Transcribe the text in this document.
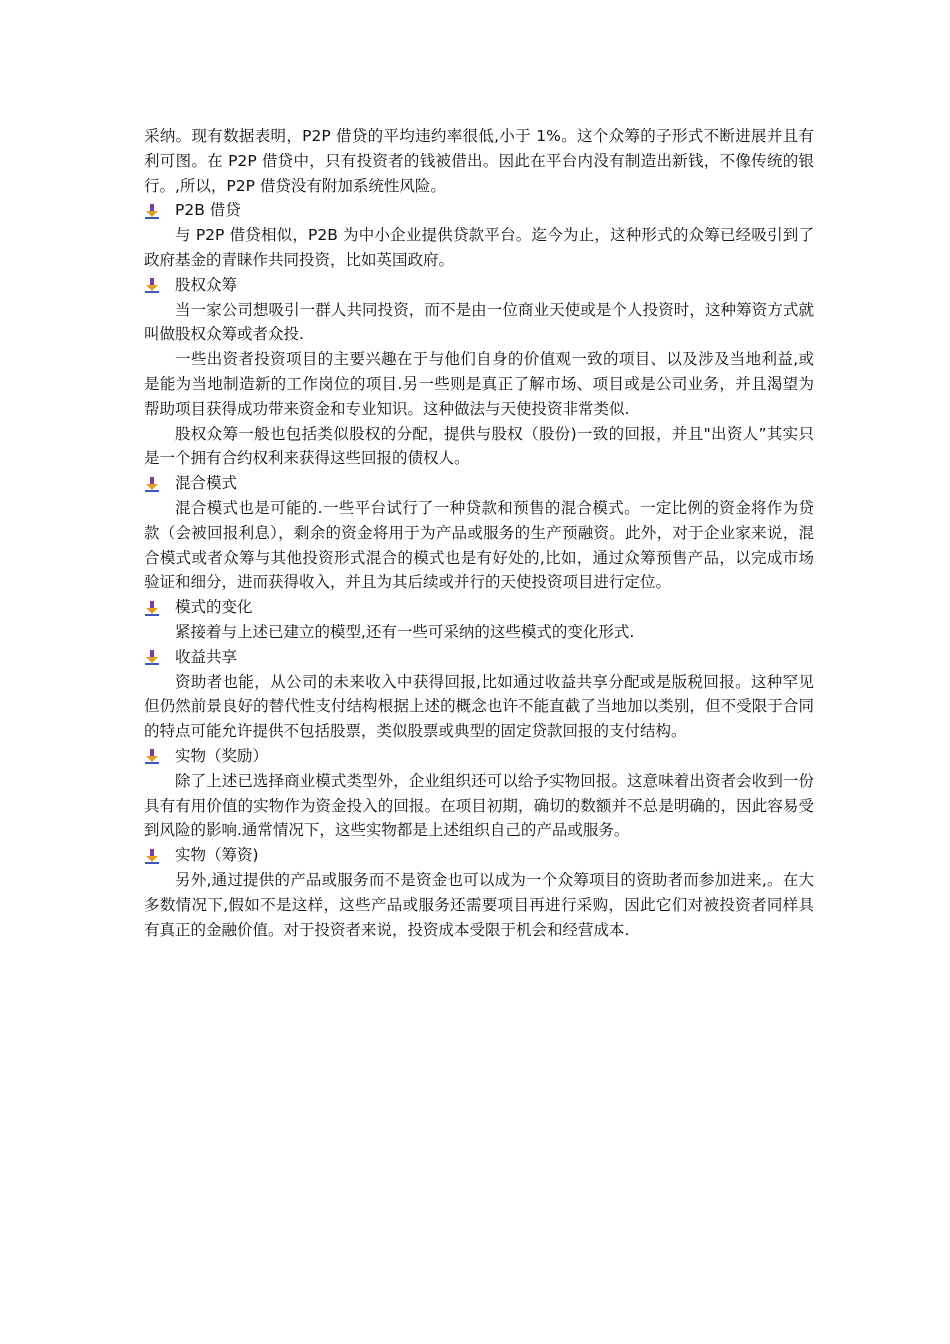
采纳。现有数据表明，P2P 借贷的平均违约率很低,小于 1%。这个众筹的子形式不断进展并且有利可图。在 P2P 借贷中，只有投资者的钱被借出。因此在平台内没有制造出新钱，不像传统的银行。,所以，P2P 借贷没有附加系统性风险。

P2B 借贷

与 P2P 借贷相似，P2B 为中小企业提供贷款平台。迄今为止，这种形式的众筹已经吸引到了政府基金的青睐作共同投资，比如英国政府。

股权众筹

当一家公司想吸引一群人共同投资，而不是由一位商业天使或是个人投资时，这种筹资方式就叫做股权众筹或者众投.

一些出资者投资项目的主要兴趣在于与他们自身的价值观一致的项目、以及涉及当地利益,或是能为当地制造新的工作岗位的项目.另一些则是真正了解市场、项目或是公司业务，并且渴望为帮助项目获得成功带来资金和专业知识。这种做法与天使投资非常类似.

股权众筹一般也包括类似股权的分配，提供与股权（股份)一致的回报，并且"出资人”其实只是一个拥有合约权利来获得这些回报的债权人。

混合模式

混合模式也是可能的.一些平台试行了一种贷款和预售的混合模式。一定比例的资金将作为贷款（会被回报利息），剩余的资金将用于为产品或服务的生产预融资。此外，对于企业家来说，混合模式或者众筹与其他投资形式混合的模式也是有好处的,比如，通过众筹预售产品，以完成市场验证和细分，进而获得收入，并且为其后续或并行的天使投资项目进行定位。

模式的变化

紧接着与上述已建立的模型,还有一些可采纳的这些模式的变化形式.

收益共享

资助者也能，从公司的未来收入中获得回报,比如通过收益共享分配或是版税回报。这种罕见但仍然前景良好的替代性支付结构根据上述的概念也许不能直截了当地加以类别，但不受限于合同的特点可能允许提供不包括股票，类似股票或典型的固定贷款回报的支付结构。

实物（奖励）

除了上述已选择商业模式类型外，企业组织还可以给予实物回报。这意味着出资者会收到一份具有有用价值的实物作为资金投入的回报。在项目初期，确切的数额并不总是明确的，因此容易受到风险的影响.通常情况下，这些实物都是上述组织自己的产品或服务。

实物（筹资)

另外,通过提供的产品或服务而不是资金也可以成为一个众筹项目的资助者而参加进来,。在大多数情况下,假如不是这样，这些产品或服务还需要项目再进行采购，因此它们对被投资者同样具有真正的金融价值。对于投资者来说，投资成本受限于机会和经营成本.
